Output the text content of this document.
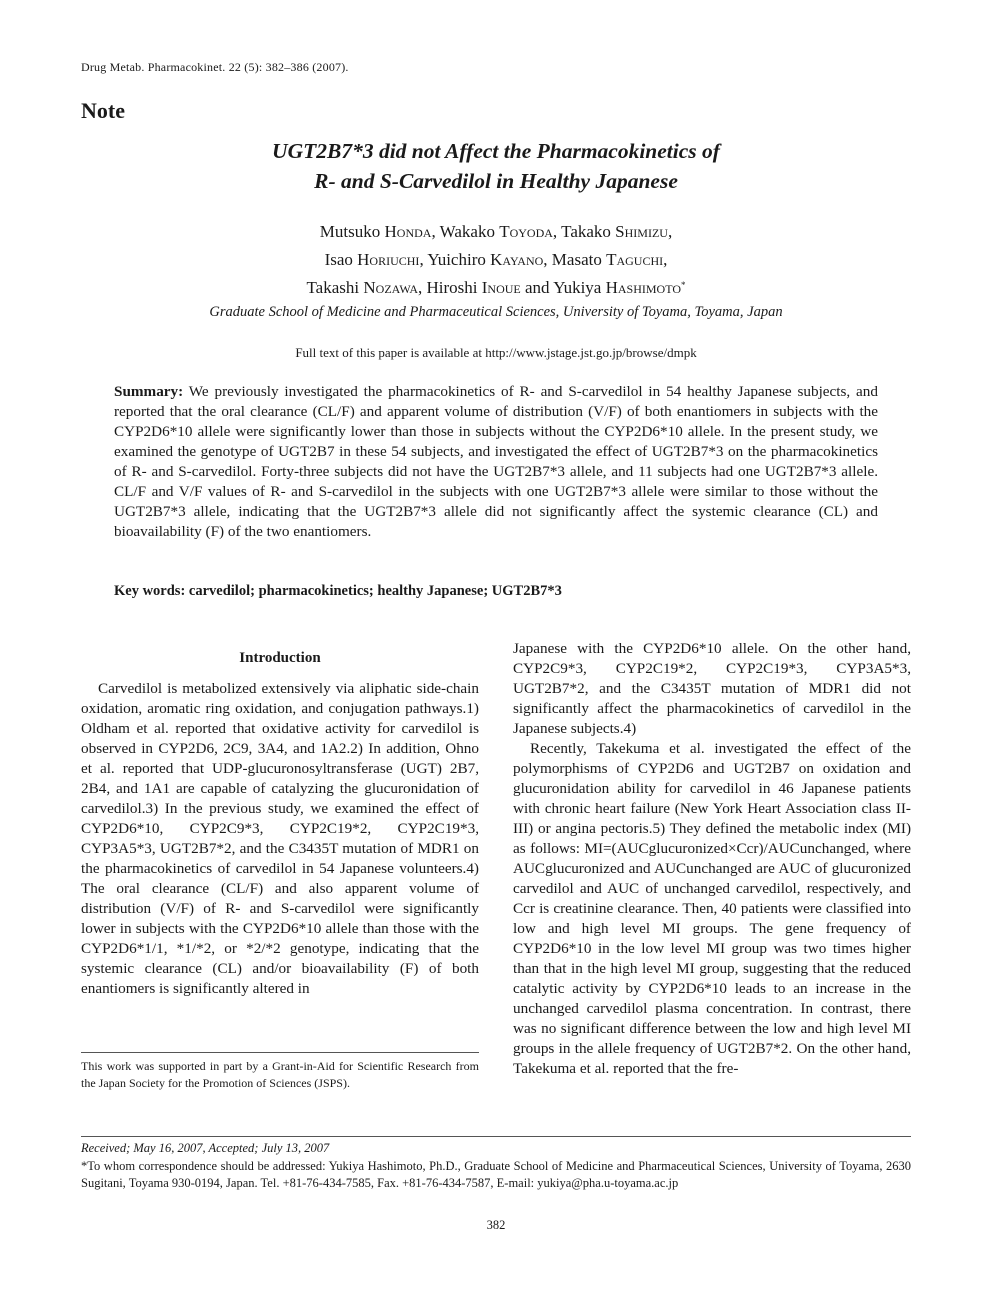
Drug Metab. Pharmacokinet. 22 (5): 382–386 (2007).
Note
UGT2B7*3 did not Affect the Pharmacokinetics of
R- and S-Carvedilol in Healthy Japanese
Mutsuko Honda, Wakako Toyoda, Takako Shimizu,
Isao Horiuchi, Yuichiro Kayano, Masato Taguchi,
Takashi Nozawa, Hiroshi Inoue and Yukiya Hashimoto*
Graduate School of Medicine and Pharmaceutical Sciences, University of Toyama, Toyama, Japan
Full text of this paper is available at http://www.jstage.jst.go.jp/browse/dmpk
Summary: We previously investigated the pharmacokinetics of R- and S-carvedilol in 54 healthy Japanese subjects, and reported that the oral clearance (CL/F) and apparent volume of distribution (V/F) of both enantiomers in subjects with the CYP2D6*10 allele were significantly lower than those in subjects without the CYP2D6*10 allele. In the present study, we examined the genotype of UGT2B7 in these 54 subjects, and investigated the effect of UGT2B7*3 on the pharmacokinetics of R- and S-carvedilol. Forty-three subjects did not have the UGT2B7*3 allele, and 11 subjects had one UGT2B7*3 allele. CL/F and V/F values of R- and S-carvedilol in the subjects with one UGT2B7*3 allele were similar to those without the UGT2B7*3 allele, indicating that the UGT2B7*3 allele did not significantly affect the systemic clearance (CL) and bioavailability (F) of the two enantiomers.
Key words: carvedilol; pharmacokinetics; healthy Japanese; UGT2B7*3
Introduction

Carvedilol is metabolized extensively via aliphatic side-chain oxidation, aromatic ring oxidation, and conjugation pathways.1) Oldham et al. reported that oxidative activity for carvedilol is observed in CYP2D6, 2C9, 3A4, and 1A2.2) In addition, Ohno et al. reported that UDP-glucuronosyltransferase (UGT) 2B7, 2B4, and 1A1 are capable of catalyzing the glucuronidation of carvedilol.3) In the previous study, we examined the effect of CYP2D6*10, CYP2C9*3, CYP2C19*2, CYP2C19*3, CYP3A5*3, UGT2B7*2, and the C3435T mutation of MDR1 on the pharmacokinetics of carvedilol in 54 Japanese volunteers.4) The oral clearance (CL/F) and also apparent volume of distribution (V/F) of R- and S-carvedilol were significantly lower in subjects with the CYP2D6*10 allele than those with the CYP2D6*1/1, *1/*2, or *2/*2 genotype, indicating that the systemic clearance (CL) and/or bioavailability (F) of both enantiomers is significantly altered in

This work was supported in part by a Grant-in-Aid for Scientific Research from the Japan Society for the Promotion of Sciences (JSPS).

Japanese with the CYP2D6*10 allele. On the other hand, CYP2C9*3, CYP2C19*2, CYP2C19*3, CYP3A5*3, UGT2B7*2, and the C3435T mutation of MDR1 did not significantly affect the pharmacokinetics of carvedilol in the Japanese subjects.4)

Recently, Takekuma et al. investigated the effect of the polymorphisms of CYP2D6 and UGT2B7 on oxidation and glucuronidation ability for carvedilol in 46 Japanese patients with chronic heart failure (New York Heart Association class II-III) or angina pectoris.5) They defined the metabolic index (MI) as follows: MI=(AUCglucuronized×Ccr)/AUCunchanged, where AUCglucuronized and AUCunchanged are AUC of glucuronized carvedilol and AUC of unchanged carvedilol, respectively, and Ccr is creatinine clearance. Then, 40 patients were classified into low and high level MI groups. The gene frequency of CYP2D6*10 in the low level MI group was two times higher than that in the high level MI group, suggesting that the reduced catalytic activity by CYP2D6*10 leads to an increase in the unchanged carvedilol plasma concentration. In contrast, there was no significant difference between the low and high level MI groups in the allele frequency of UGT2B7*2. On the other hand, Takekuma et al. reported that the fre-

Received; May 16, 2007, Accepted; July 13, 2007
*To whom correspondence should be addressed: Yukiya Hashimoto, Ph.D., Graduate School of Medicine and Pharmaceutical Sciences, University of Toyama, 2630 Sugitani, Toyama 930-0194, Japan. Tel. +81-76-434-7585, Fax. +81-76-434-7587, E-mail: yukiya@pha.u-toyama.ac.jp
382
